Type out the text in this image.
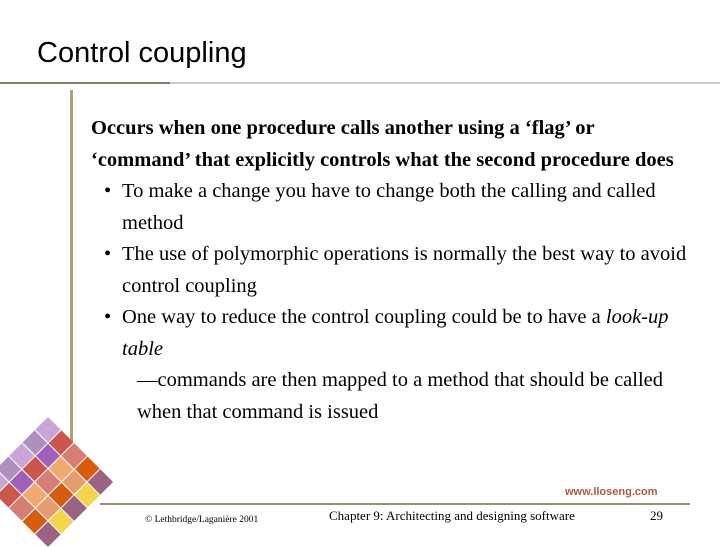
Control coupling
Occurs when one procedure calls another using a ‘flag’ or ‘command’ that explicitly controls what the second procedure does
• To make a change you have to change both the calling and called method
• The use of polymorphic operations is normally the best way to avoid control coupling
• One way to reduce the control coupling could be to have a look-up table
—commands are then mapped to a method that should be called when that command is issued
www.lloseng.com
© Lethbridge/Laganière 2001	Chapter 9: Architecting and designing software	29
